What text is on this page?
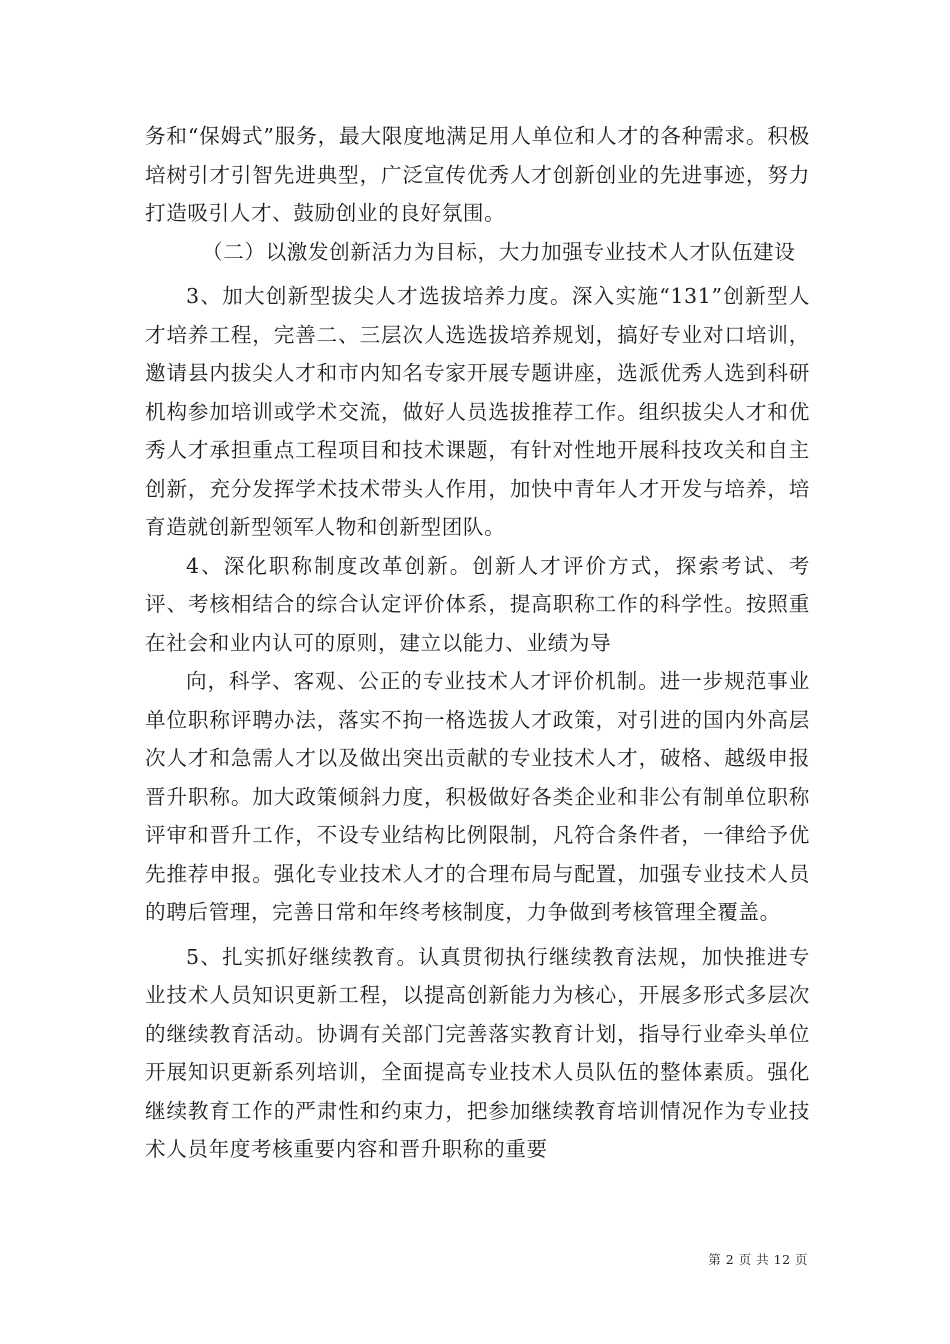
务和“保姆式”服务，最大限度地满足用人单位和人才的各种需求。积极培树引才引智先进典型，广泛宣传优秀人才创新创业的先进事迹，努力打造吸引人才、鼓励创业的良好氛围。

（二）以激发创新活力为目标，大力加强专业技术人才队伍建设

3、加大创新型拔尖人才选拔培养力度。深入实施“131”创新型人才培养工程，完善二、三层次人选选拔培养规划，搞好专业对口培训，邀请县内拔尖人才和市内知名专家开展专题讲座，选派优秀人选到科研机构参加培训或学术交流，做好人员选拔推荐工作。组织拔尖人才和优秀人才承担重点工程项目和技术课题，有针对性地开展科技攻关和自主创新，充分发挥学术技术带头人作用，加快中青年人才开发与培养，培育造就创新型领军人物和创新型团队。

4、深化职称制度改革创新。创新人才评价方式，探索考试、考评、考核相结合的综合认定评价体系，提高职称工作的科学性。按照重在社会和业内认可的原则，建立以能力、业绩为导

向，科学、客观、公正的专业技术人才评价机制。进一步规范事业单位职称评聘办法，落实不拘一格选拔人才政策，对引进的国内外高层次人才和急需人才以及做出突出贡献的专业技术人才，破格、越级申报晋升职称。加大政策倾斜力度，积极做好各类企业和非公有制单位职称评审和晋升工作，不设专业结构比例限制，凡符合条件者，一律给予优先推荐申报。强化专业技术人才的合理布局与配置，加强专业技术人员的聘后管理，完善日常和年终考核制度，力争做到考核管理全覆盖。

5、扎实抓好继续教育。认真贯彻执行继续教育法规，加快推进专业技术人员知识更新工程，以提高创新能力为核心，开展多形式多层次的继续教育活动。协调有关部门完善落实教育计划，指导行业牵头单位开展知识更新系列培训，全面提高专业技术人员队伍的整体素质。强化继续教育工作的严肃性和约束力，把参加继续教育培训情况作为专业技术人员年度考核重要内容和晋升职称的重要

第 2 页 共 12 页
